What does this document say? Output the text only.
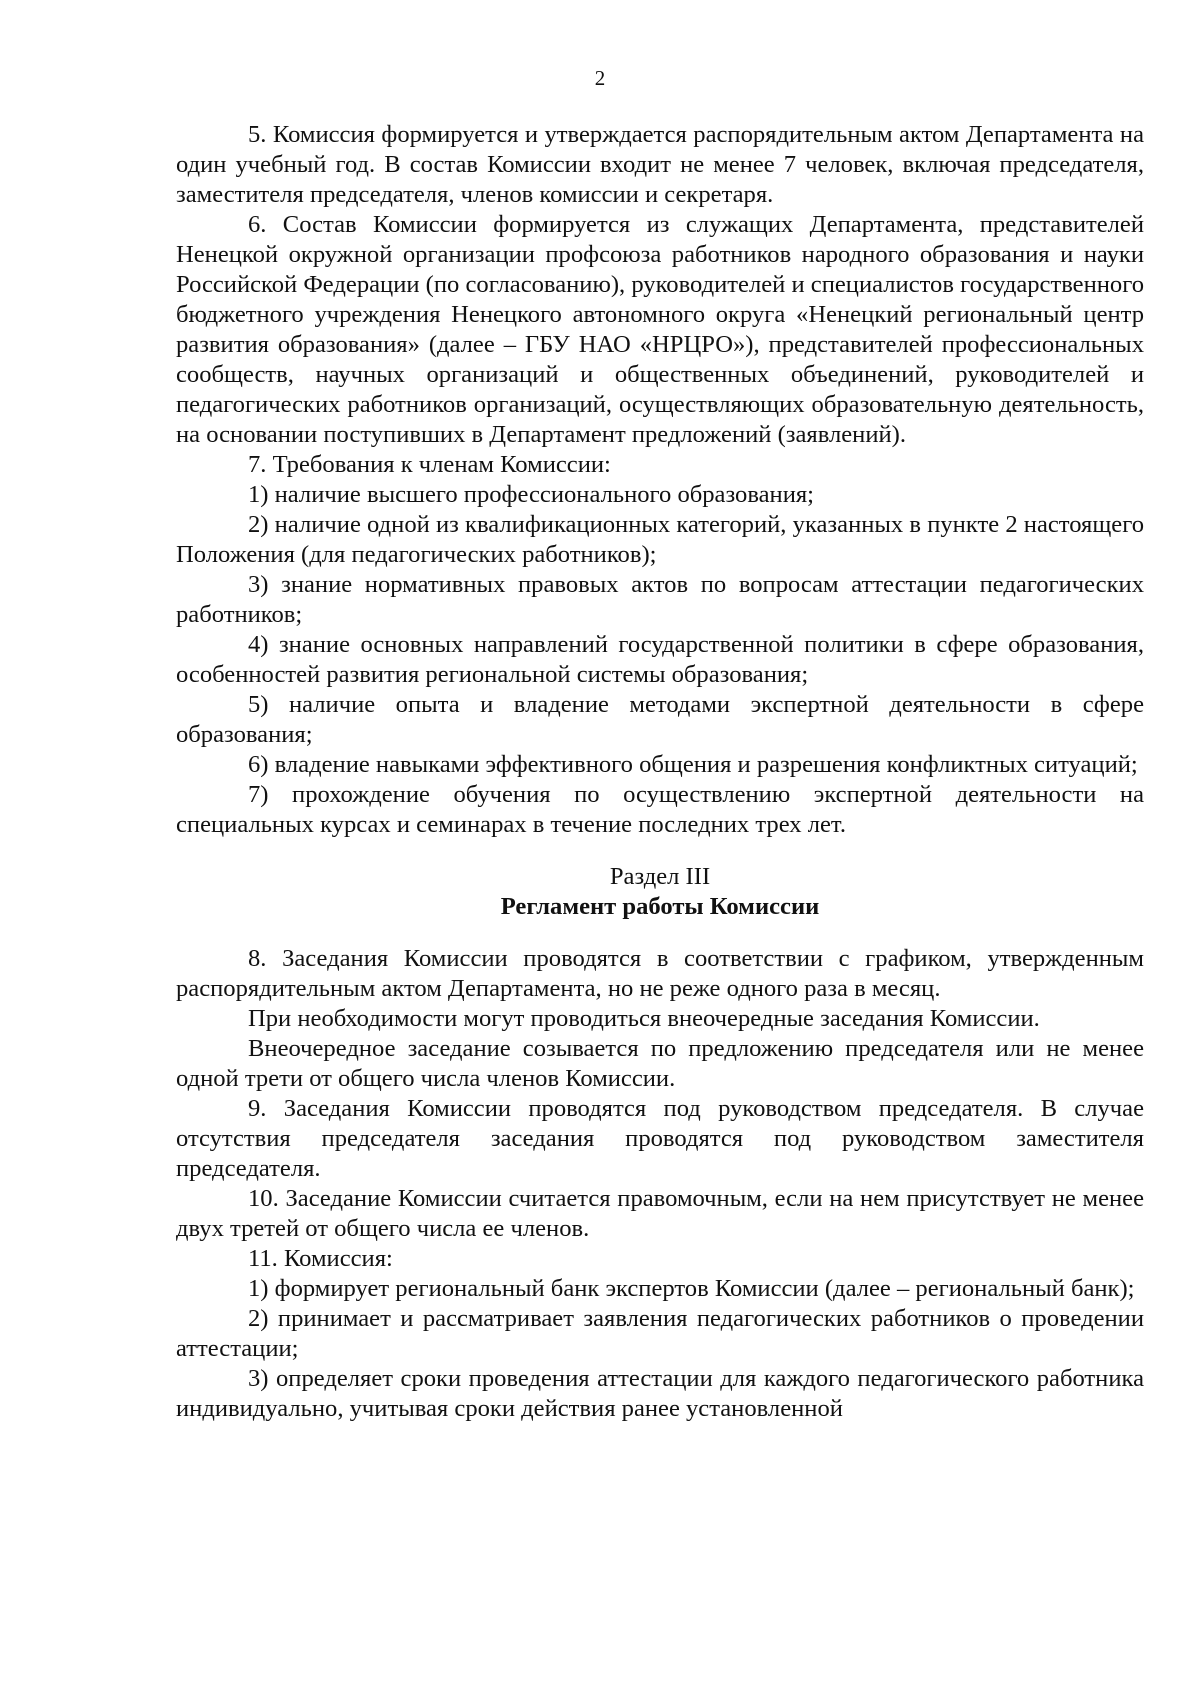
2

5. Комиссия формируется и утверждается распорядительным актом Департамента на один учебный год. В состав Комиссии входит не менее 7 человек, включая председателя, заместителя председателя, членов комиссии и секретаря.

6. Состав Комиссии формируется из служащих Департамента, представителей Ненецкой окружной организации профсоюза работников народного образования и науки Российской Федерации (по согласованию), руководителей и специалистов государственного бюджетного учреждения Ненецкого автономного округа «Ненецкий региональный центр развития образования» (далее – ГБУ НАО «НРЦРО»), представителей профессиональных сообществ, научных организаций и общественных объединений, руководителей и педагогических работников организаций, осуществляющих образовательную деятельность, на основании поступивших в Департамент предложений (заявлений).

7. Требования к членам Комиссии:

1) наличие высшего профессионального образования;

2) наличие одной из квалификационных категорий, указанных в пункте 2 настоящего Положения (для педагогических работников);

3) знание нормативных правовых актов по вопросам аттестации педагогических работников;

4) знание основных направлений государственной политики в сфере образования, особенностей развития региональной системы образования;

5) наличие опыта и владение методами экспертной деятельности в сфере образования;

6) владение навыками эффективного общения и разрешения конфликтных ситуаций;

7) прохождение обучения по осуществлению экспертной деятельности на специальных курсах и семинарах в течение последних трех лет.

Раздел III

Регламент работы Комиссии

8. Заседания Комиссии проводятся в соответствии с графиком, утвержденным распорядительным актом Департамента, но не реже одного раза в месяц.

При необходимости могут проводиться внеочередные заседания Комиссии.

Внеочередное заседание созывается по предложению председателя или не менее одной трети от общего числа членов Комиссии.

9. Заседания Комиссии проводятся под руководством председателя. В случае отсутствия председателя заседания проводятся под руководством заместителя председателя.

10. Заседание Комиссии считается правомочным, если на нем присутствует не менее двух третей от общего числа ее членов.

11. Комиссия:

1) формирует региональный банк экспертов Комиссии (далее – региональный банк);

2) принимает и рассматривает заявления педагогических работников о проведении аттестации;

3) определяет сроки проведения аттестации для каждого педагогического работника индивидуально, учитывая сроки действия ранее установленной
